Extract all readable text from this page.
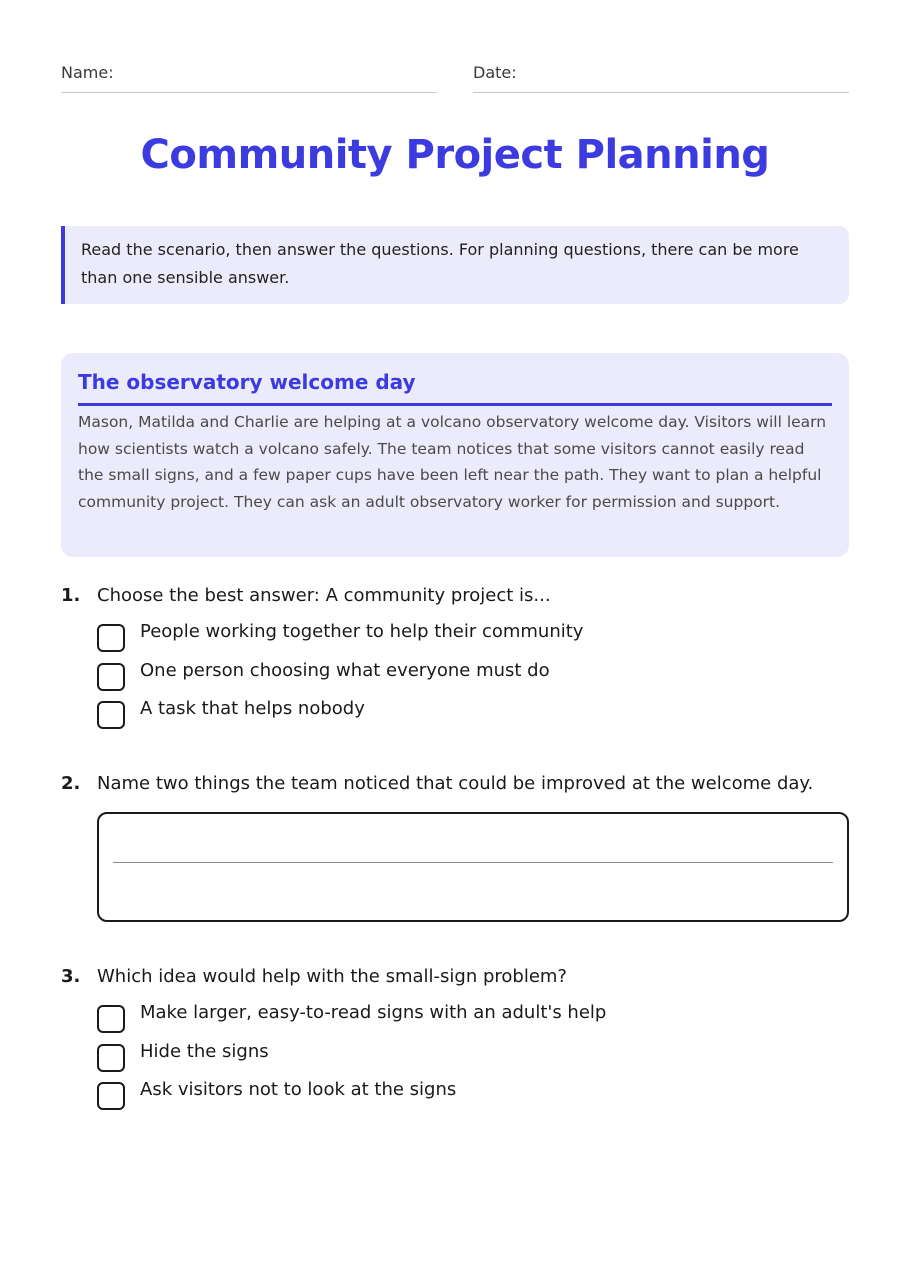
Name:	Date:
Community Project Planning
Read the scenario, then answer the questions. For planning questions, there can be more than one sensible answer.
The observatory welcome day
Mason, Matilda and Charlie are helping at a volcano observatory welcome day. Visitors will learn how scientists watch a volcano safely. The team notices that some visitors cannot easily read the small signs, and a few paper cups have been left near the path. They want to plan a helpful community project. They can ask an adult observatory worker for permission and support.
1. Choose the best answer: A community project is...
People working together to help their community
One person choosing what everyone must do
A task that helps nobody
2. Name two things the team noticed that could be improved at the welcome day.
3. Which idea would help with the small-sign problem?
Make larger, easy-to-read signs with an adult's help
Hide the signs
Ask visitors not to look at the signs
